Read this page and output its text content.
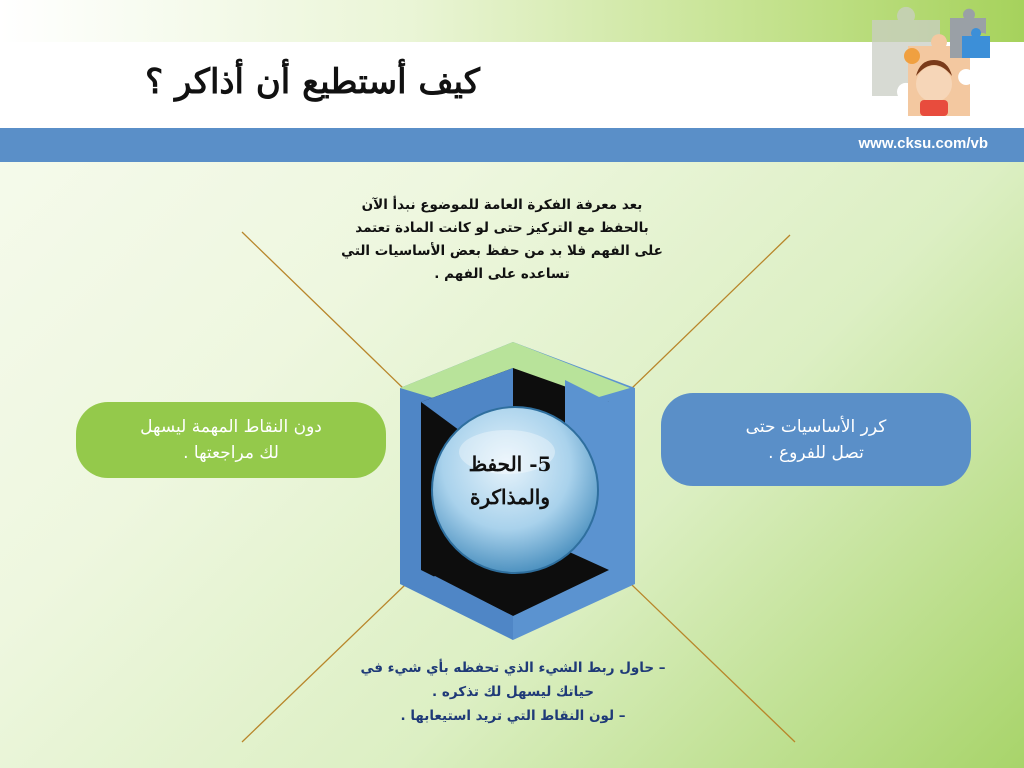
كيف أستطيع أن أذاكر ؟
www.cksu.com/vb
بعد معرفة الفكرة العامة للموضوع نبدأ الآن
بالحفظ مع التركيز حتى لو كانت المادة تعتمد
على الفهم فلا بد من حفظ بعض الأساسيات التي
تساعده على الفهم .
دون النقاط المهمة ليسهل
لك مراجعتها .
كرر الأساسيات حتى
تصل للفروع .
5- الحفظ
والمذاكرة
– حاول ربط الشيء الذي تحفظه بأي شيء في
حياتك ليسهل لك تذكره .
– لون النقاط التي تريد استيعابها .
